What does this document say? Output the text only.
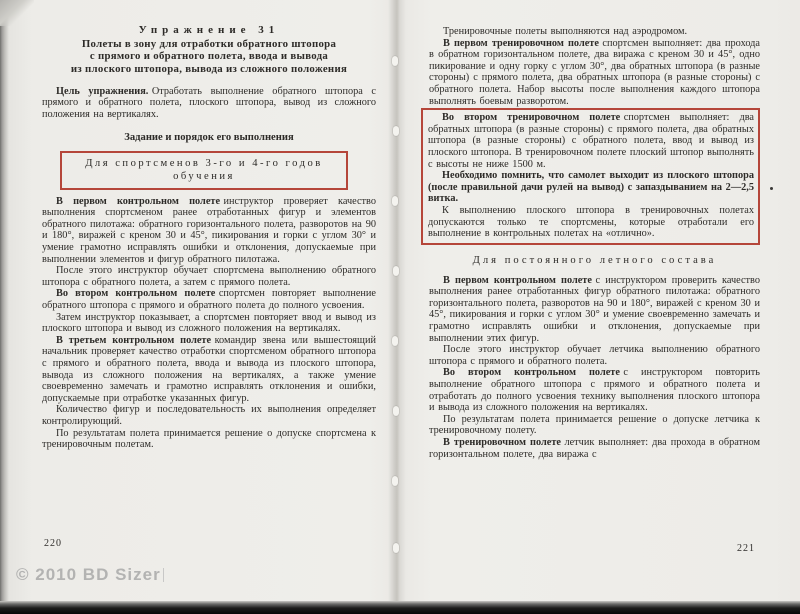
Упражнение 31

Полеты в зону для отработки обратного штопора

с прямого и обратного полета, ввода и вывода

из плоского штопора, вывода из сложного положения

Цель упражнения. Отработать выполнение обратного штопора с прямого и обратного полета, плоского штопора, вывод из сложного положения на вертикалях.

Задание и порядок его выполнения

Для спортсменов 3-го и 4-го годов обучения

В первом контрольном полете инструктор проверяет качество выполнения спортсменом ранее отработанных фигур и элементов обратного пилотажа: обратного горизонтального полета, разворотов на 90 и 180°, виражей с креном 30 и 45°, пикирования и горки с углом 30° и умение грамотно исправлять ошибки и отклонения, допускаемые при выполнении элементов и фигур обратного пилотажа.

После этого инструктор обучает спортсмена выполнению обратного штопора с обратного полета, а затем с прямого полета.

Во втором контрольном полете спортсмен повторяет выполнение обратного штопора с прямого и обратного полета до полного усвоения.

Затем инструктор показывает, а спортсмен повторяет ввод и вывод из плоского штопора и вывод из сложного положения на вертикалях.

В третьем контрольном полете командир звена или вышестоящий начальник проверяет качество отработки спортсменом обратного штопора с прямого и обратного полета, ввода и вывода из плоского штопора, вывода из сложного положения на вертикалях, а также умение своевременно замечать и грамотно исправлять отклонения и ошибки, допускаемые при отработке указанных фигур.

Количество фигур и последовательность их выполнения определяет контролирующий.

По результатам полета принимается решение о допуске спортсмена к тренировочным полетам.

Тренировочные полеты выполняются над аэродромом.

В первом тренировочном полете спортсмен выполняет: два прохода в обратном горизонтальном полете, два виража с креном 30 и 45°, одно пикирование и одну горку с углом 30°, два обратных штопора (в разные стороны) с прямого полета, два обратных штопора (в разные стороны) с обратного полета. Набор высоты после выполнения каждого штопора выполнять боевым разворотом.

Во втором тренировочном полете спортсмен выполняет: два обратных штопора (в разные стороны) с прямого полета, два обратных штопора (в разные стороны) с обратного полета, ввод и вывод из плоского штопора. В тренировочном полете плоский штопор выполнять с высоты не ниже 1500 м.

Необходимо помнить, что самолет выходит из плоского штопора (после правильной дачи рулей на вывод) с запаздыванием на 2—2,5 витка.

К выполнению плоского штопора в тренировочных полетах допускаются только те спортсмены, которые отработали его выполнение в контрольных полетах на «отлично».

Для постоянного летного состава

В первом контрольном полете с инструктором проверить качество выполнения ранее отработанных фигур обратного пилотажа: обратного горизонтального полета, разворотов на 90 и 180°, виражей с креном 30 и 45°, пикирования и горки с углом 30° и умение своевременно замечать и грамотно исправлять ошибки и отклонения, допускаемые при выполнении этих фигур.

После этого инструктор обучает летчика выполнению обратного штопора с прямого и обратного полета.

Во втором контрольном полете с инструктором повторить выполнение обратного штопора с прямого и обратного полета и отработать до полного усвоения технику выполнения плоского штопора и вывода из сложного положения на вертикалях.

По результатам полета принимается решение о допуске летчика к тренировочному полету.

В тренировочном полете летчик выполняет: два прохода в обратном горизонтальном полете, два виража с

220	221
© 2010 BD Sizer
